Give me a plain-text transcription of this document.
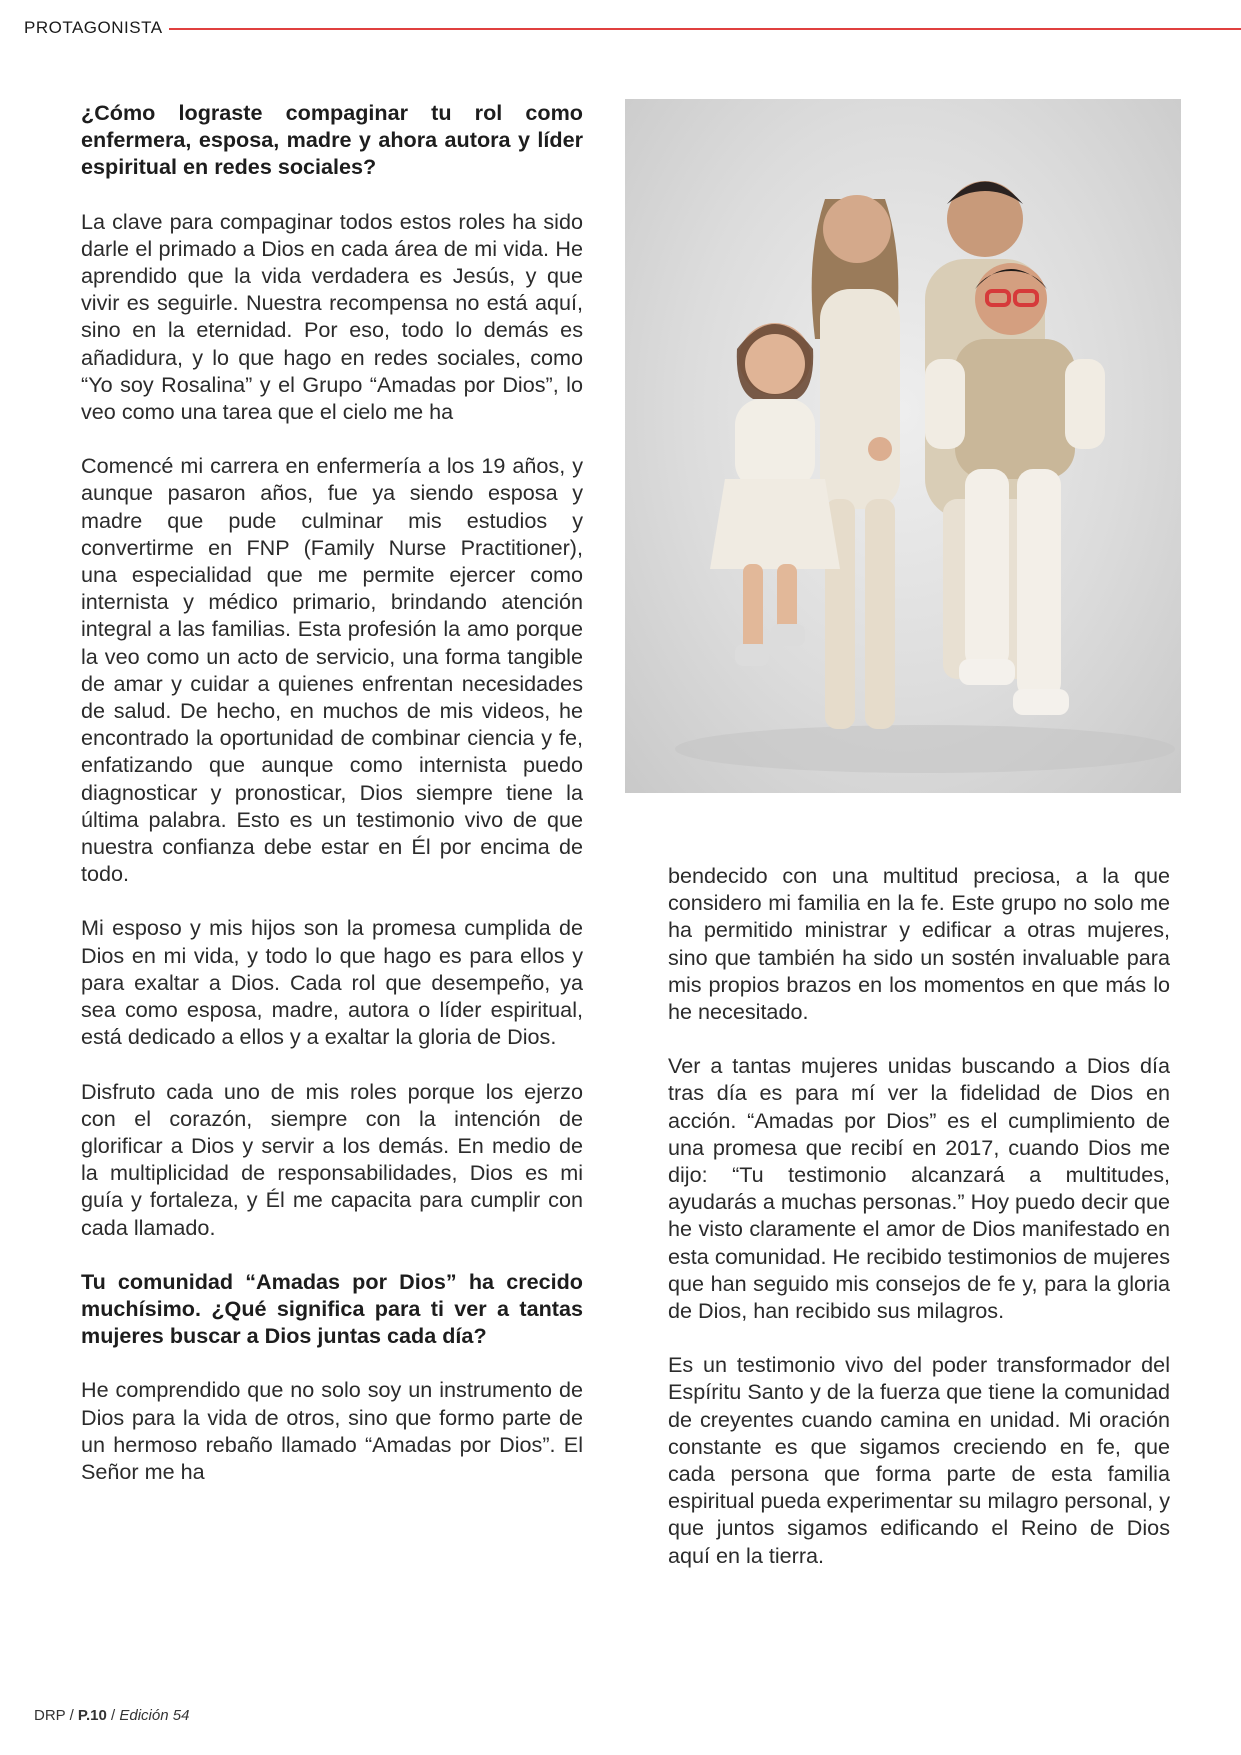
PROTAGONISTA

¿Cómo lograste compaginar tu rol como enfermera, esposa, madre y ahora autora y líder espiritual en redes sociales?

La clave para compaginar todos estos roles ha sido darle el primado a Dios en cada área de mi vida. He aprendido que la vida verdadera es Jesús, y que vivir es seguirle. Nuestra recompensa no está aquí, sino en la eternidad. Por eso, todo lo demás es añadidura, y lo que hago en redes sociales, como “Yo soy Rosalina” y el Grupo “Amadas por Dios”, lo veo como una tarea que el cielo me ha

Comencé mi carrera en enfermería a los 19 años, y aunque pasaron años, fue ya siendo esposa y madre que pude culminar mis estudios y convertirme en FNP (Family Nurse Practitioner), una especialidad que me permite ejercer como internista y médico primario, brindando atención integral a las familias. Esta profesión la amo porque la veo como un acto de servicio, una forma tangible de amar y cuidar a quienes enfrentan necesidades de salud. De hecho, en muchos de mis videos, he encontrado la oportunidad de combinar ciencia y fe, enfatizando que aunque como internista puedo diagnosticar y pronosticar, Dios siempre tiene la última palabra. Esto es un testimonio vivo de que nuestra confianza debe estar en Él por encima de todo.

Mi esposo y mis hijos son la promesa cumplida de Dios en mi vida, y todo lo que hago es para ellos y para exaltar a Dios. Cada rol que desempeño, ya sea como esposa, madre, autora o líder espiritual, está dedicado a ellos y a exaltar la gloria de Dios.

Disfruto cada uno de mis roles porque los ejerzo con el corazón, siempre con la intención de glorificar a Dios y servir a los demás. En medio de la multiplicidad de responsabilidades, Dios es mi guía y fortaleza, y Él me capacita para cumplir con cada llamado.

Tu comunidad “Amadas por Dios” ha crecido muchísimo. ¿Qué significa para ti ver a tantas mujeres buscar a Dios juntas cada día?

He comprendido que no solo soy un instrumento de Dios para la vida de otros, sino que formo parte de un hermoso rebaño llamado “Amadas por Dios”. El Señor me ha

bendecido con una multitud preciosa, a la que considero mi familia en la fe. Este grupo no solo me ha permitido ministrar y edificar a otras mujeres, sino que también ha sido un sostén invaluable para mis propios brazos en los momentos en que más lo he necesitado.

Ver a tantas mujeres unidas buscando a Dios día tras día es para mí ver la fidelidad de Dios en acción. “Amadas por Dios” es el cumplimiento de una promesa que recibí en 2017, cuando Dios me dijo: “Tu testimonio alcanzará a multitudes, ayudarás a muchas personas.” Hoy puedo decir que he visto claramente el amor de Dios manifestado en esta comunidad. He recibido testimonios de mujeres que han seguido mis consejos de fe y, para la gloria de Dios, han recibido sus milagros.

Es un testimonio vivo del poder transformador del Espíritu Santo y de la fuerza que tiene la comunidad de creyentes cuando camina en unidad. Mi oración constante es que sigamos creciendo en fe, que cada persona que forma parte de esta familia espiritual pueda experimentar su milagro personal, y que juntos sigamos edificando el Reino de Dios aquí en la tierra.

DRP / P.10 / Edición 54
